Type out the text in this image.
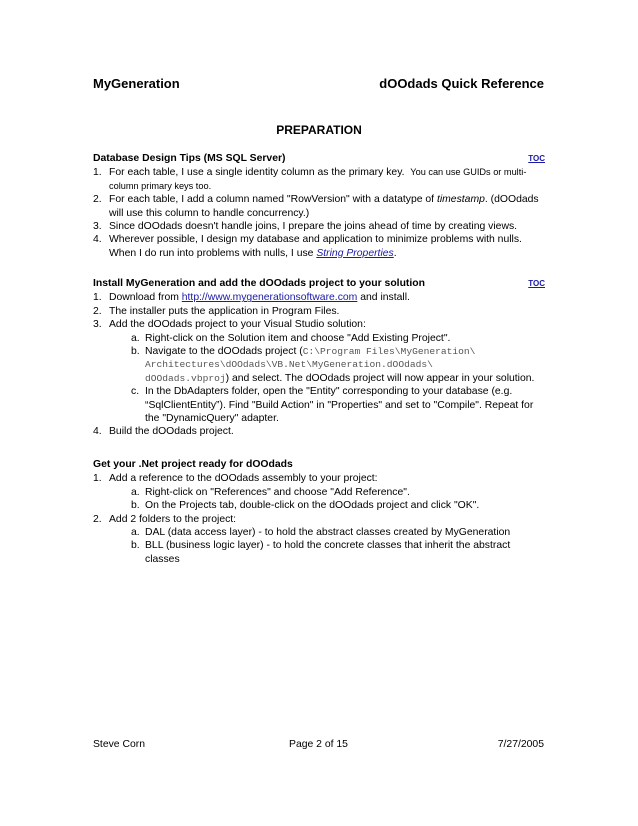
MyGeneration	dOOdads Quick Reference
PREPARATION
Database Design Tips (MS SQL Server)	TOC
1. For each table, I use a single identity column as the primary key. You can use GUIDs or multi-column primary keys too.
2. For each table, I add a column named "RowVersion" with a datatype of timestamp. (dOOdads will use this column to handle concurrency.)
3. Since dOOdads doesn't handle joins, I prepare the joins ahead of time by creating views.
4. Wherever possible, I design my database and application to minimize problems with nulls. When I do run into problems with nulls, I use String Properties.
Install MyGeneration and add the dOOdads project to your solution	TOC
1. Download from http://www.mygenerationsoftware.com and install.
2. The installer puts the application in Program Files.
3. Add the dOOdads project to your Visual Studio solution:
a. Right-click on the Solution item and choose "Add Existing Project".
b. Navigate to the dOOdads project (C:\Program Files\MyGeneration\
Architectures\dOOdads\VB.Net\MyGeneration.dOOdads\
dOOdads.vbproj) and select. The dOOdads project will now appear in your solution.
c. In the DbAdapters folder, open the "Entity" corresponding to your database (e.g. “SqlClientEntity”). Find "Build Action" in "Properties" and set to "Compile". Repeat for the "DynamicQuery" adapter.
4. Build the dOOdads project.
Get your .Net project ready for dOOdads
1. Add a reference to the dOOdads assembly to your project:
a. Right-click on "References" and choose "Add Reference".
b. On the Projects tab, double-click on the dOOdads project and click "OK".
2. Add 2 folders to the project:
a. DAL (data access layer) - to hold the abstract classes created by MyGeneration
b. BLL (business logic layer) - to hold the concrete classes that inherit the abstract classes
Steve Corn	Page 2 of 15	7/27/2005
